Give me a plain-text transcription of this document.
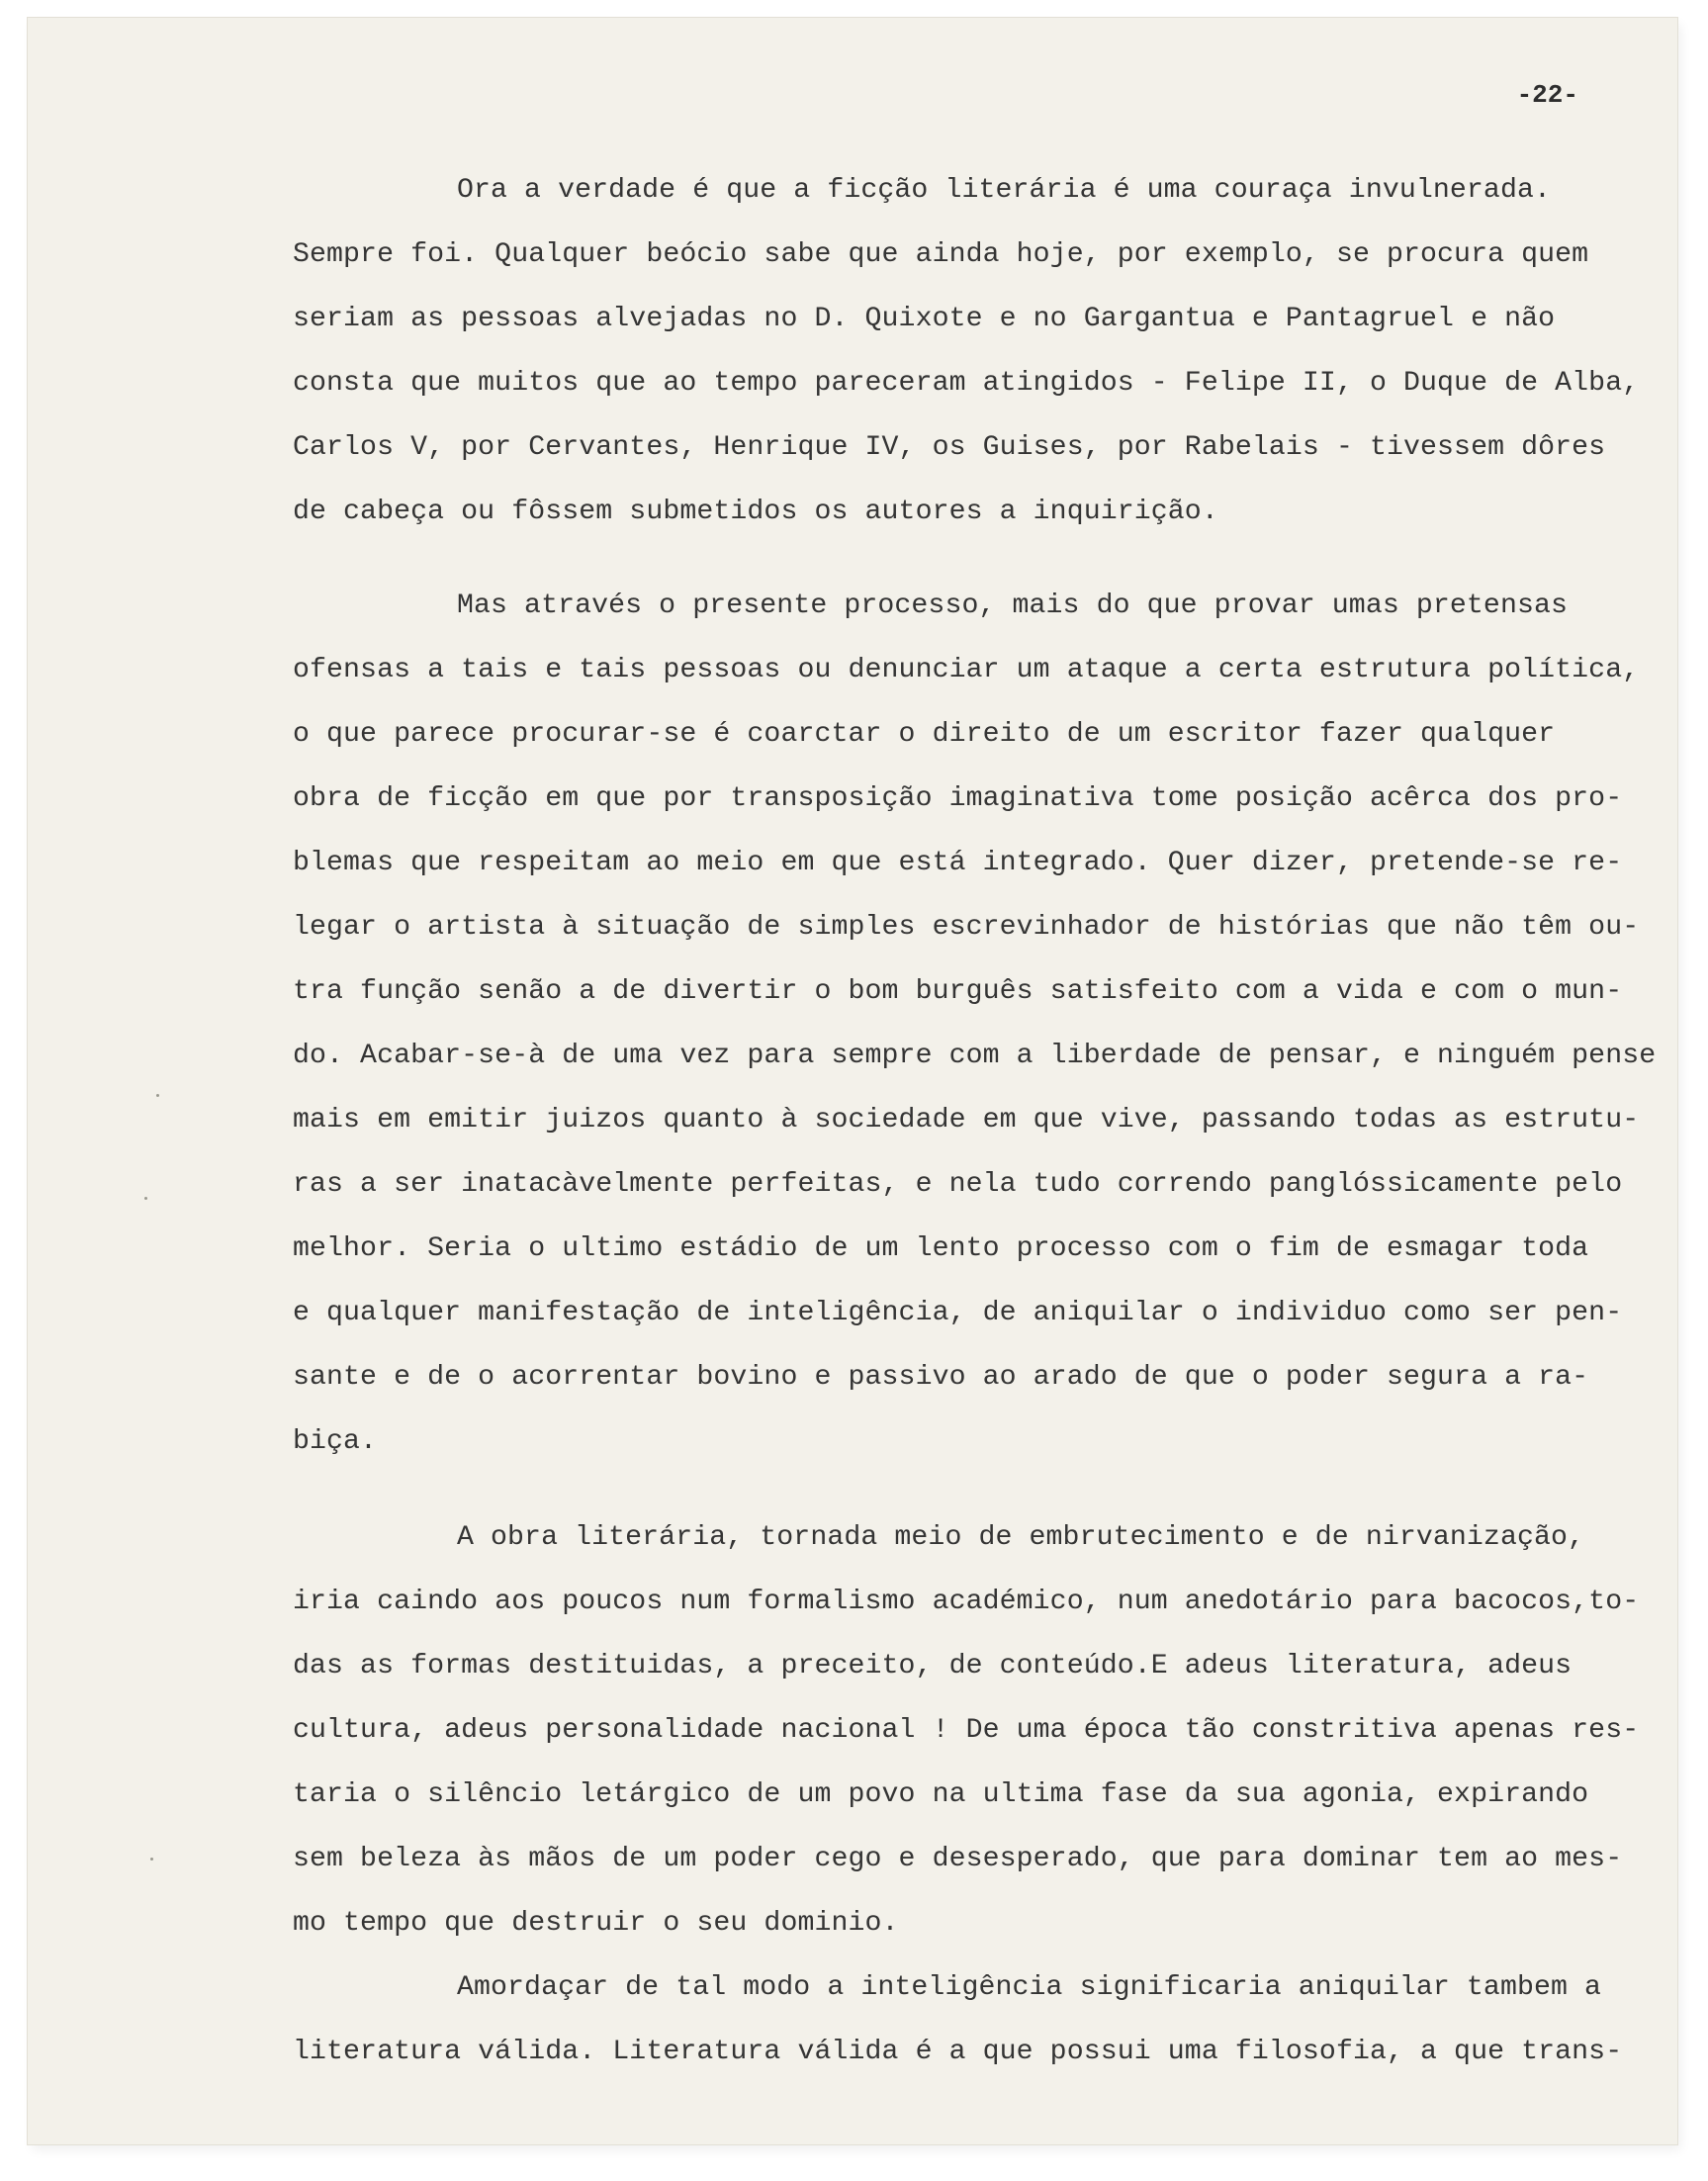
-22-
Ora a verdade é que a ficção literária é uma couraça invulnerada.
Sempre foi. Qualquer beócio sabe que ainda hoje, por exemplo, se procura quem
seriam as pessoas alvejadas no D. Quixote e no Gargantua e Pantagruel e não
consta que muitos que ao tempo pareceram atingidos - Felipe II, o Duque de Alba,
Carlos V, por Cervantes, Henrique IV, os Guises, por Rabelais - tivessem dôres
de cabeça ou fôssem submetidos os autores a inquirição.
Mas através o presente processo, mais do que provar umas pretensas
ofensas a tais e tais pessoas ou denunciar um ataque a certa estrutura política,
o que parece procurar-se é coarctar o direito de um escritor fazer qualquer
obra de ficção em que por transposição imaginativa tome posição acêrca dos pro-
blemas que respeitam ao meio em que está integrado. Quer dizer, pretende-se re-
legar o artista à situação de simples escrevinhador de histórias que não têm ou-
tra função senão a de divertir o bom burguês satisfeito com a vida e com o mun-
do. Acabar-se-à de uma vez para sempre com a liberdade de pensar, e ninguém pense
mais em emitir juizos quanto à sociedade em que vive, passando todas as estrutu-
ras a ser inatacàvelmente perfeitas, e nela tudo correndo panglóssicamente pelo
melhor. Seria o ultimo estádio de um lento processo com o fim de esmagar toda
e qualquer manifestação de inteligência, de aniquilar o individuo como ser pen-
sante e de o acorrentar bovino e passivo ao arado de que o poder segura a ra-
biça.
A obra literária, tornada meio de embrutecimento e de nirvanização,
iria caindo aos poucos num formalismo académico, num anedotário para bacocos,to-
das as formas destituidas, a preceito, de conteúdo.E adeus literatura, adeus
cultura, adeus personalidade nacional ! De uma época tão constritiva apenas res-
taria o silêncio letárgico de um povo na ultima fase da sua agonia, expirando
sem beleza às mãos de um poder cego e desesperado, que para dominar tem ao mes-
mo tempo que destruir o seu dominio.
Amordaçar de tal modo a inteligência significaria aniquilar tambem a
literatura válida. Literatura válida é a que possui uma filosofia, a que trans-
